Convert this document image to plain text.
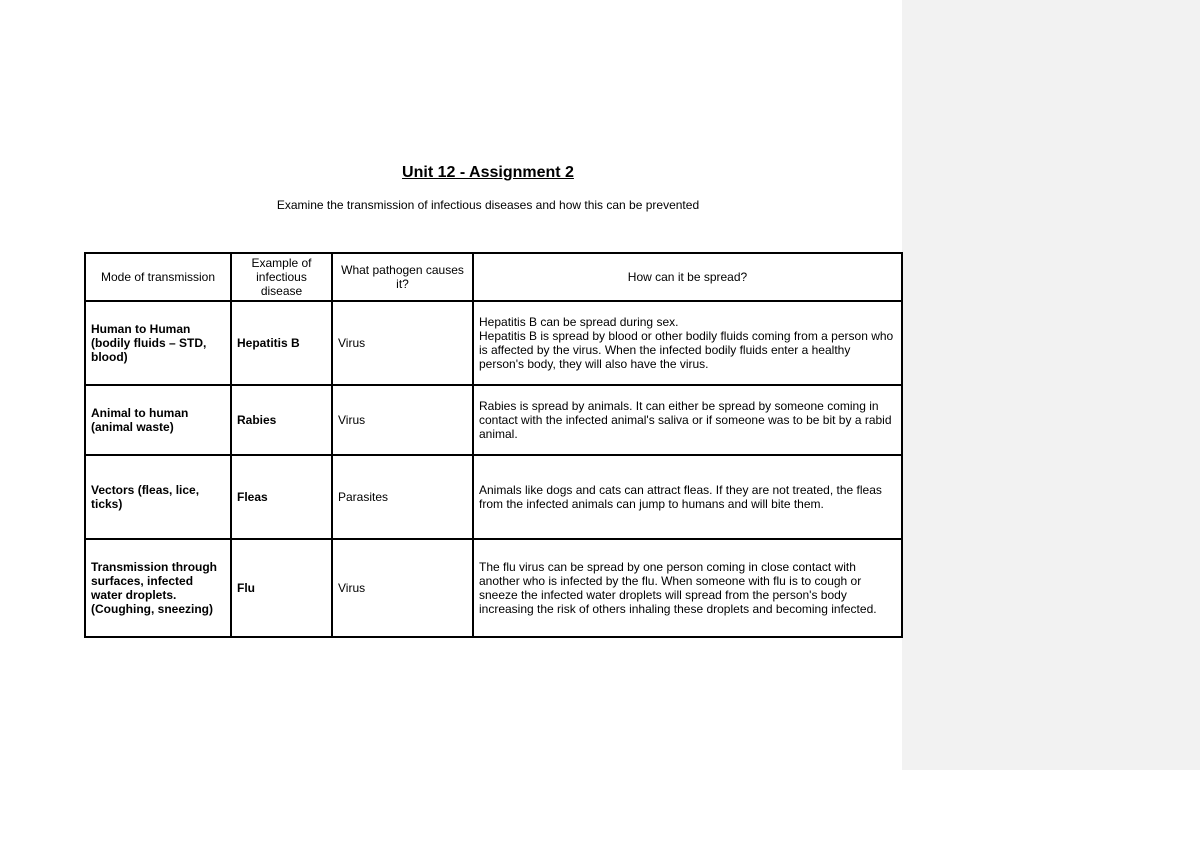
Unit 12 - Assignment 2
Examine the transmission of infectious diseases and how this can be prevented
Mode of transmission	Example of infectious disease	What pathogen causes it?	How can it be spread?
Human to Human (bodily fluids – STD, blood)	Hepatitis B	Virus	Hepatitis B can be spread during sex.
Hepatitis B is spread by blood or other bodily fluids coming from a person who is affected by the virus. When the infected bodily fluids enter a healthy person's body, they will also have the virus.

Animal to human (animal waste)	Rabies	Virus	Rabies is spread by animals. It can either be spread by someone coming in contact with the infected animal's saliva or if someone was to be bit by a rabid animal.
Vectors (fleas, lice, ticks)	Fleas	Parasites	Animals like dogs and cats can attract fleas. If they are not treated, the fleas from the infected animals can jump to humans and will bite them.
Transmission through surfaces, infected water droplets. (Coughing, sneezing)	Flu	Virus	The flu virus can be spread by one person coming in close contact with another who is infected by the flu. When someone with flu is to cough or sneeze the infected water droplets will spread from the person's body increasing the risk of others inhaling these droplets and becoming infected.
